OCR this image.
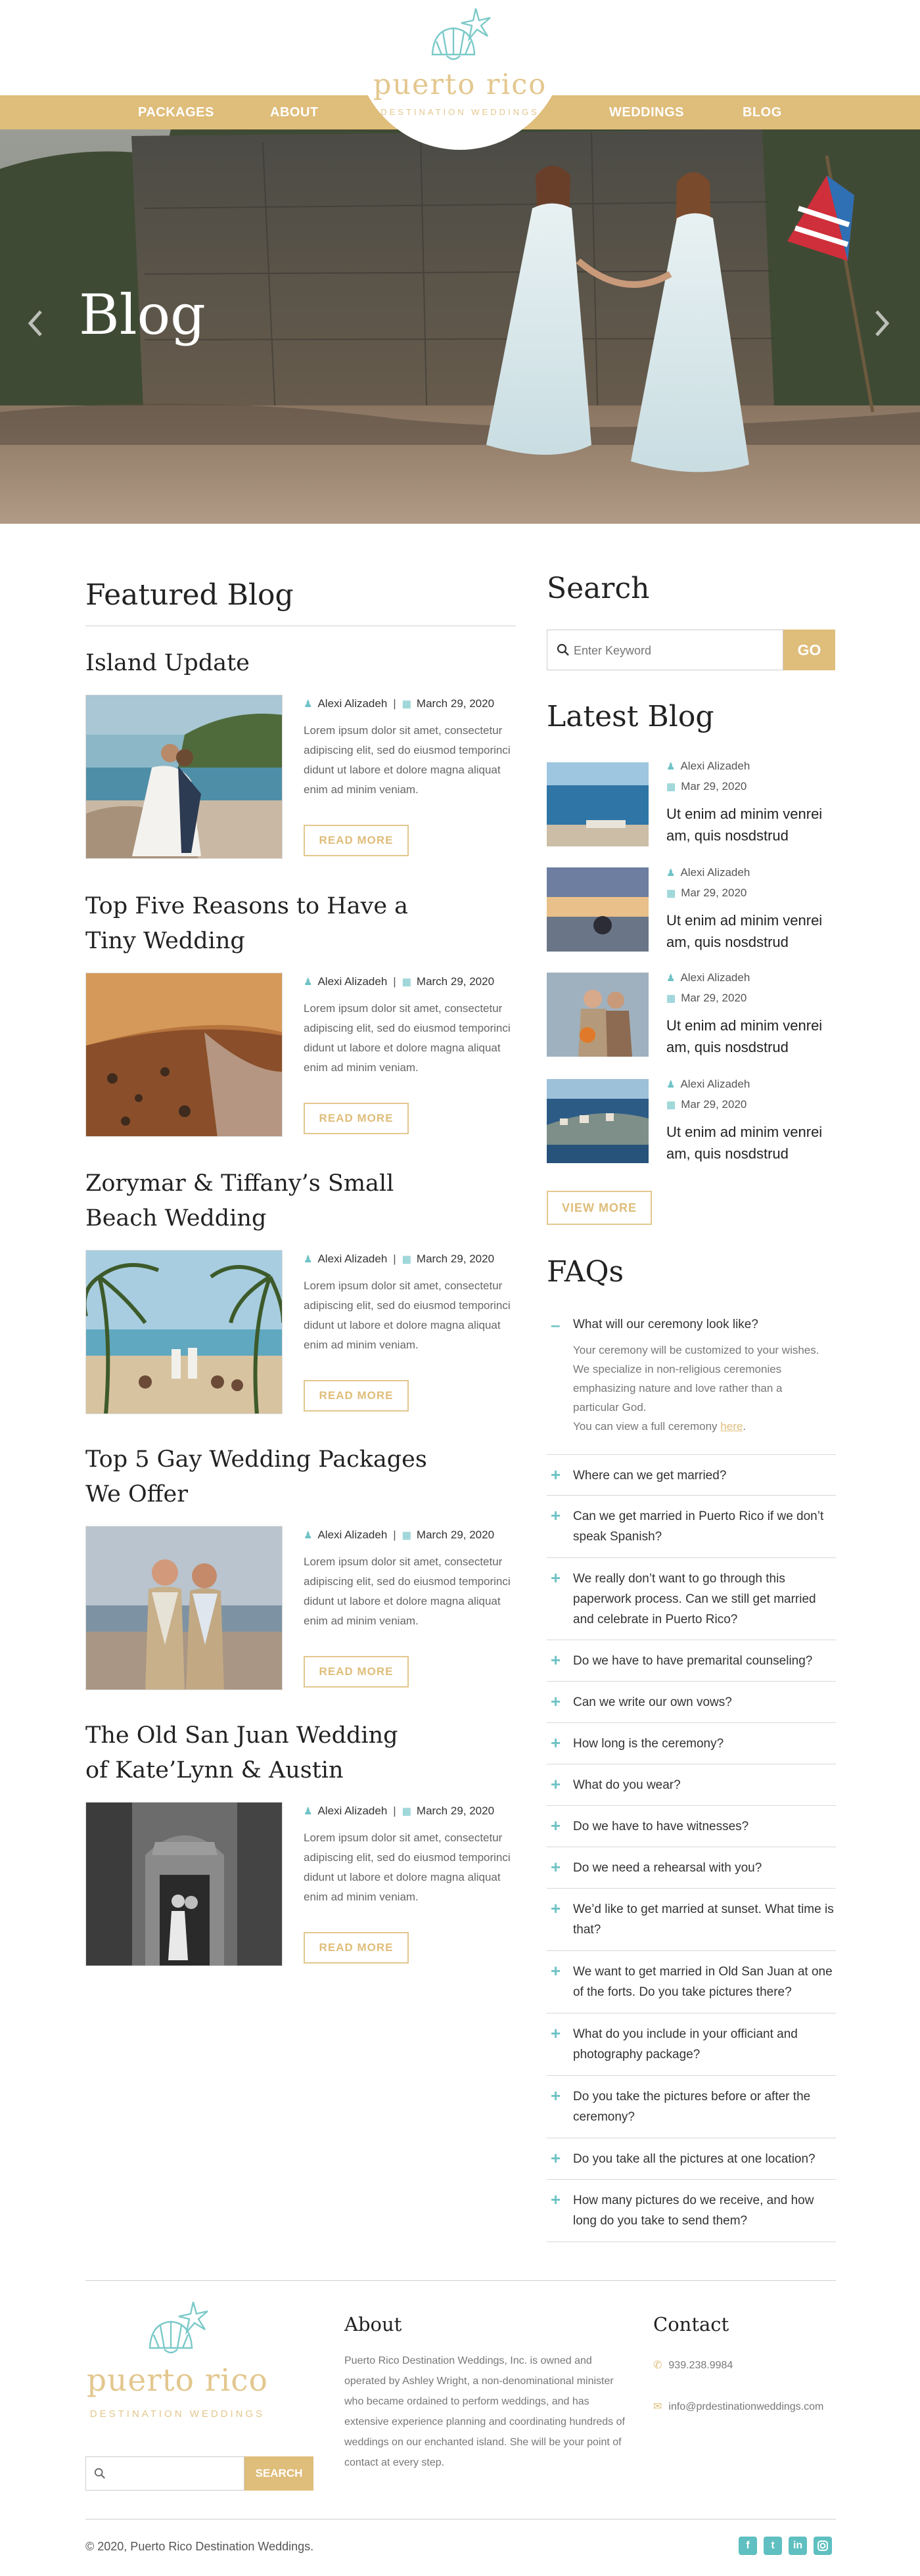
PACKAGES	ABOUT	WEDDINGS	BLOG
puerto rico
DESTINATION WEDDINGS
Blog
Featured Blog
Island Update
♟ Alexi Alizadeh | ▦ March 29, 2020
Lorem ipsum dolor sit amet, consectetur adipiscing elit, sed do eiusmod temporinci didunt ut labore et dolore magna aliquat enim ad minim veniam.
READ MORE
Top Five Reasons to Have a Tiny Wedding
♟ Alexi Alizadeh | ▦ March 29, 2020
Lorem ipsum dolor sit amet, consectetur adipiscing elit, sed do eiusmod temporinci didunt ut labore et dolore magna aliquat enim ad minim veniam.
READ MORE
Zorymar & Tiffany’s Small Beach Wedding
♟ Alexi Alizadeh | ▦ March 29, 2020
Lorem ipsum dolor sit amet, consectetur adipiscing elit, sed do eiusmod temporinci didunt ut labore et dolore magna aliquat enim ad minim veniam.
READ MORE
Top 5 Gay Wedding Packages We Offer
♟ Alexi Alizadeh | ▦ March 29, 2020
Lorem ipsum dolor sit amet, consectetur adipiscing elit, sed do eiusmod temporinci didunt ut labore et dolore magna aliquat enim ad minim veniam.
READ MORE
The Old San Juan Wedding of Kate’Lynn & Austin
♟ Alexi Alizadeh | ▦ March 29, 2020
Lorem ipsum dolor sit amet, consectetur adipiscing elit, sed do eiusmod temporinci didunt ut labore et dolore magna aliquat enim ad minim veniam.
READ MORE
Search
Enter Keyword
GO
Latest Blog
♟ Alexi Alizadeh
▦ Mar 29, 2020
Ut enim ad minim venrei am, quis nosdstrud
♟ Alexi Alizadeh
▦ Mar 29, 2020
Ut enim ad minim venrei am, quis nosdstrud
♟ Alexi Alizadeh
▦ Mar 29, 2020
Ut enim ad minim venrei am, quis nosdstrud
♟ Alexi Alizadeh
▦ Mar 29, 2020
Ut enim ad minim venrei am, quis nosdstrud
VIEW MORE
FAQs
– What will our ceremony look like?
Your ceremony will be customized to your wishes. We specialize in non-religious ceremonies emphasizing nature and love rather than a particular God.
You can view a full ceremony here.
+ Where can we get married?
+ Can we get married in Puerto Rico if we don’t speak Spanish?
+ We really don’t want to go through this paperwork process. Can we still get married and celebrate in Puerto Rico?
+ Do we have to have premarital counseling?
+ Can we write our own vows?
+ How long is the ceremony?
+ What do you wear?
+ Do we have to have witnesses?
+ Do we need a rehearsal with you?
+ We’d like to get married at sunset. What time is that?
+ We want to get married in Old San Juan at one of the forts. Do you take pictures there?
+ What do you include in your officiant and photography package?
+ Do you take the pictures before or after the ceremony?
+ Do you take all the pictures at one location?
+ How many pictures do we receive, and how long do you take to send them?
puerto rico
DESTINATION WEDDINGS
SEARCH
About
Puerto Rico Destination Weddings, Inc. is owned and operated by Ashley Wright, a non-denominational minister who became ordained to perform weddings, and has extensive experience planning and coordinating hundreds of weddings on our enchanted island. She will be your point of contact at every step.
Contact
✆ 939.238.9984
✉ info@prdestinationweddings.com
© 2020, Puerto Rico Destination Weddings.	f	t	in
